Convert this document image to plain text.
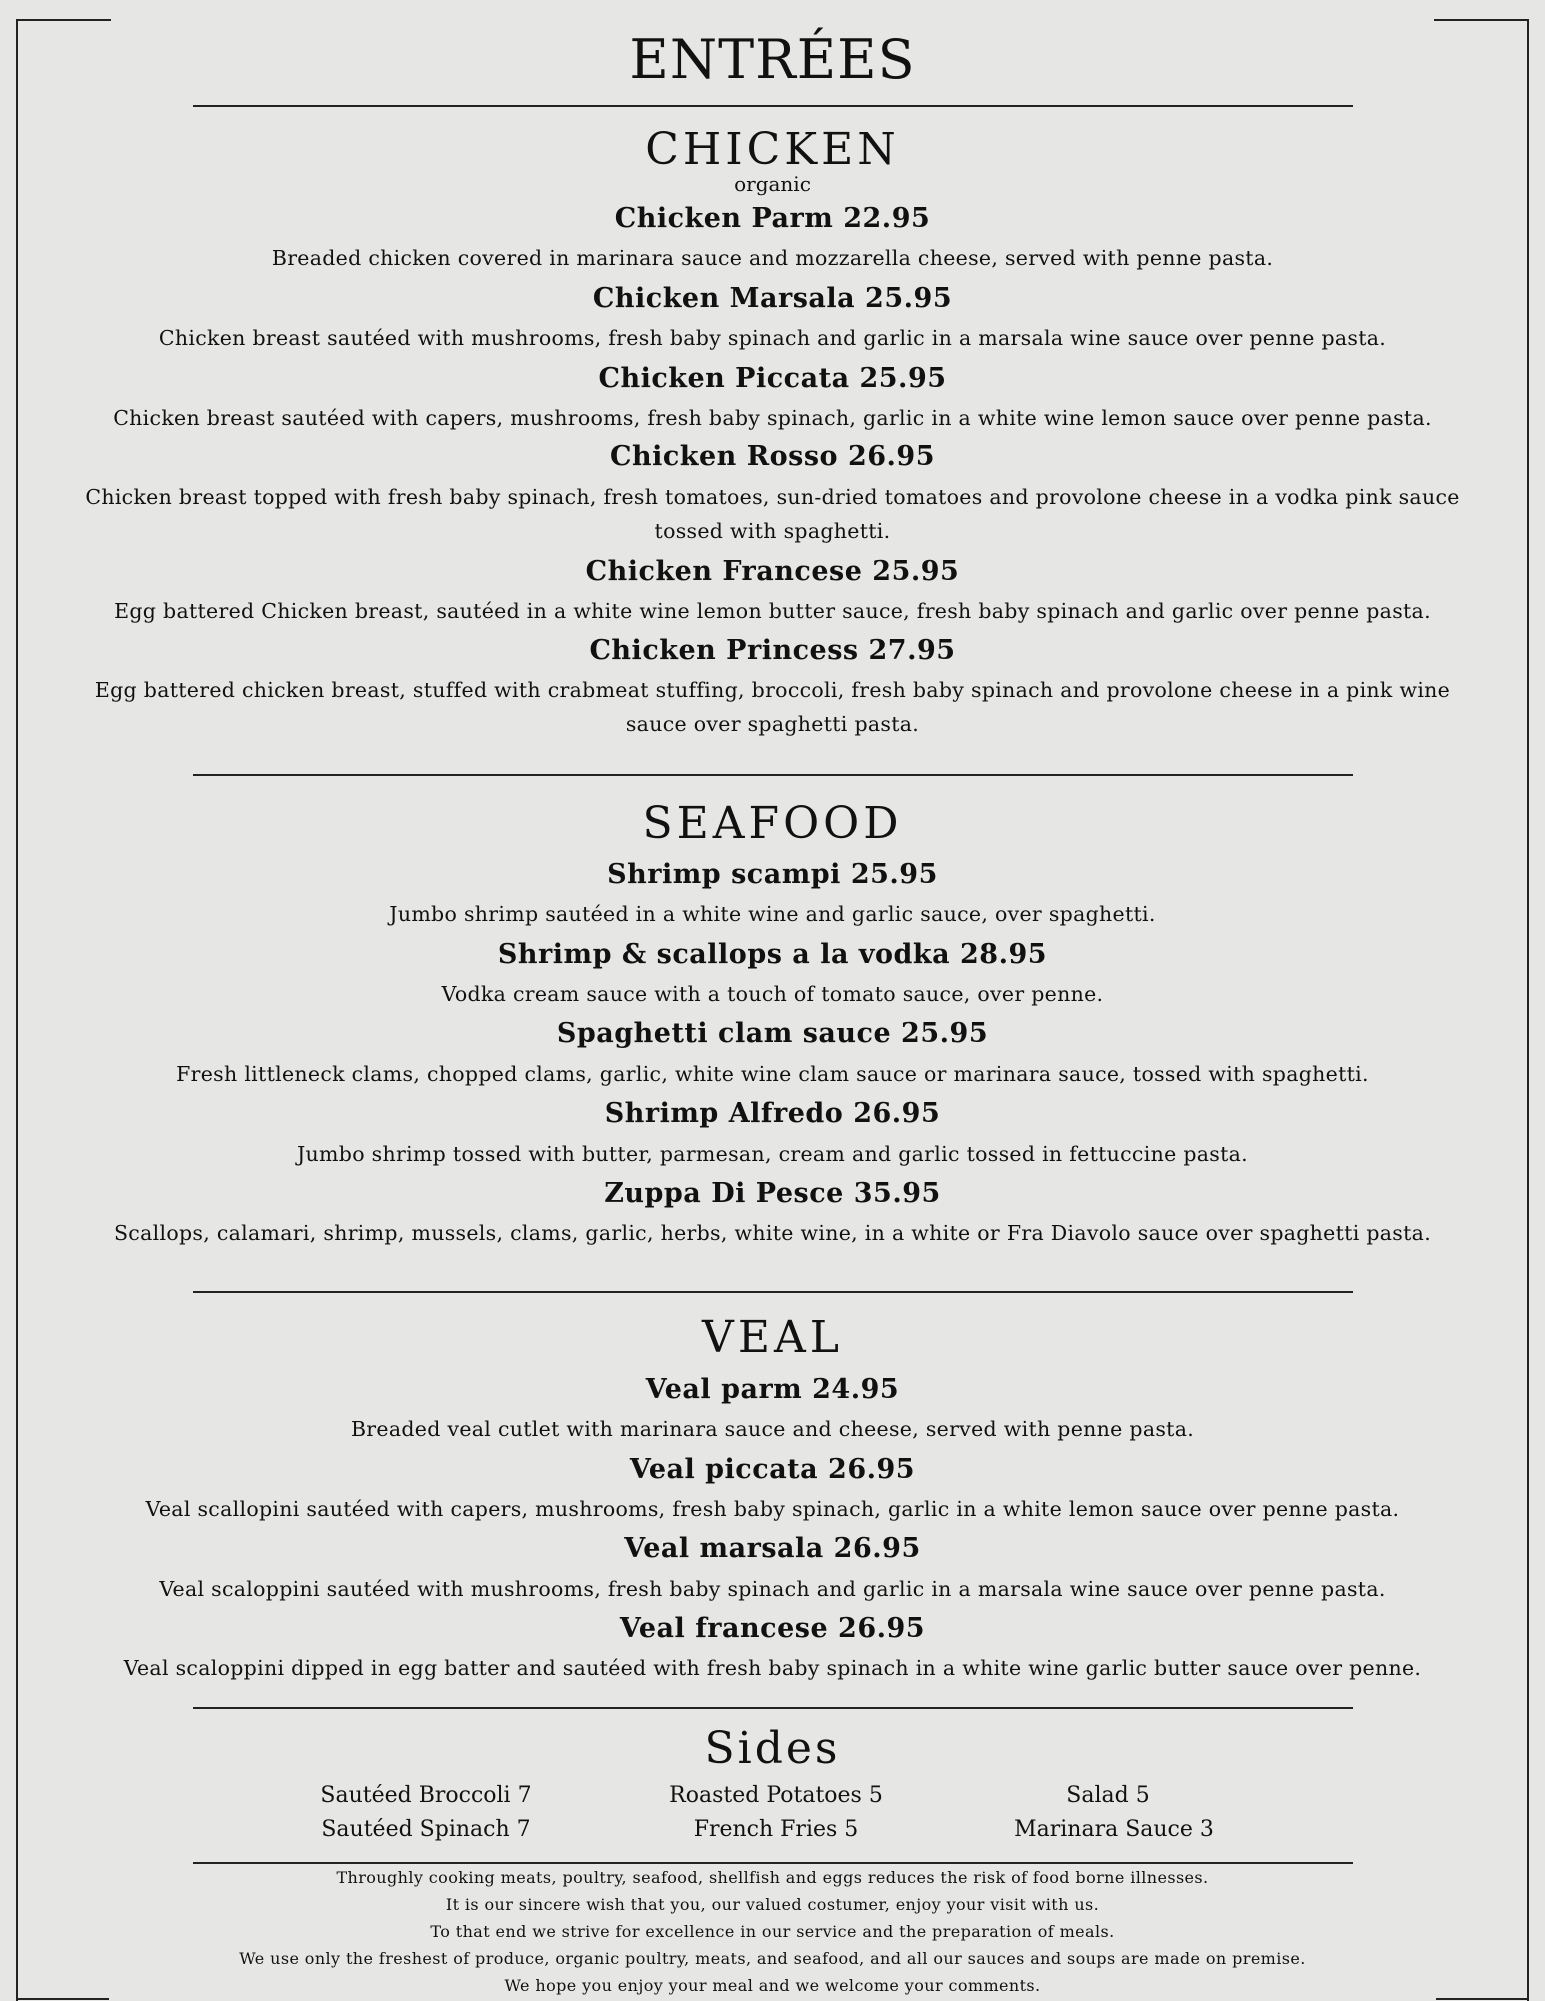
ENTRÉES
CHICKEN
organic
Chicken Parm 22.95
Breaded chicken covered in marinara sauce and mozzarella cheese, served with penne pasta.
Chicken Marsala 25.95
Chicken breast sautéed with mushrooms, fresh baby spinach and garlic in a marsala wine sauce over penne pasta.
Chicken Piccata 25.95
Chicken breast sautéed with capers, mushrooms, fresh baby spinach, garlic in a white wine lemon sauce over penne pasta.
Chicken Rosso 26.95
Chicken breast topped with fresh baby spinach, fresh tomatoes, sun-dried tomatoes and provolone cheese in a vodka pink sauce
tossed with spaghetti.
Chicken Francese 25.95
Egg battered Chicken breast, sautéed in a white wine lemon butter sauce, fresh baby spinach and garlic over penne pasta.
Chicken Princess 27.95
Egg battered chicken breast, stuffed with crabmeat stuffing, broccoli, fresh baby spinach and provolone cheese in a pink wine
sauce over spaghetti pasta.
SEAFOOD
Shrimp scampi 25.95
Jumbo shrimp sautéed in a white wine and garlic sauce, over spaghetti.
Shrimp & scallops a la vodka 28.95
Vodka cream sauce with a touch of tomato sauce, over penne.
Spaghetti clam sauce 25.95
Fresh littleneck clams, chopped clams, garlic, white wine clam sauce or marinara sauce, tossed with spaghetti.
Shrimp Alfredo 26.95
Jumbo shrimp tossed with butter, parmesan, cream and garlic tossed in fettuccine pasta.
Zuppa Di Pesce 35.95
Scallops, calamari, shrimp, mussels, clams, garlic, herbs, white wine, in a white or Fra Diavolo sauce over spaghetti pasta.
VEAL
Veal parm 24.95
Breaded veal cutlet with marinara sauce and cheese, served with penne pasta.
Veal piccata 26.95
Veal scallopini sautéed with capers, mushrooms, fresh baby spinach, garlic in a white lemon sauce over penne pasta.
Veal marsala 26.95
Veal scaloppini sautéed with mushrooms, fresh baby spinach and garlic in a marsala wine sauce over penne pasta.
Veal francese 26.95
Veal scaloppini dipped in egg batter and sautéed with fresh baby spinach in a white wine garlic butter sauce over penne.
Sides
Sautéed Broccoli 7	Roasted Potatoes 5	Salad 5
Sautéed Spinach 7	French Fries 5	Marinara Sauce 3
Throughly cooking meats, poultry, seafood, shellfish and eggs reduces the risk of food borne illnesses.
It is our sincere wish that you, our valued costumer, enjoy your visit with us.
To that end we strive for excellence in our service and the preparation of meals.
We use only the freshest of produce, organic poultry, meats, and seafood, and all our sauces and soups are made on premise.
We hope you enjoy your meal and we welcome your comments.
